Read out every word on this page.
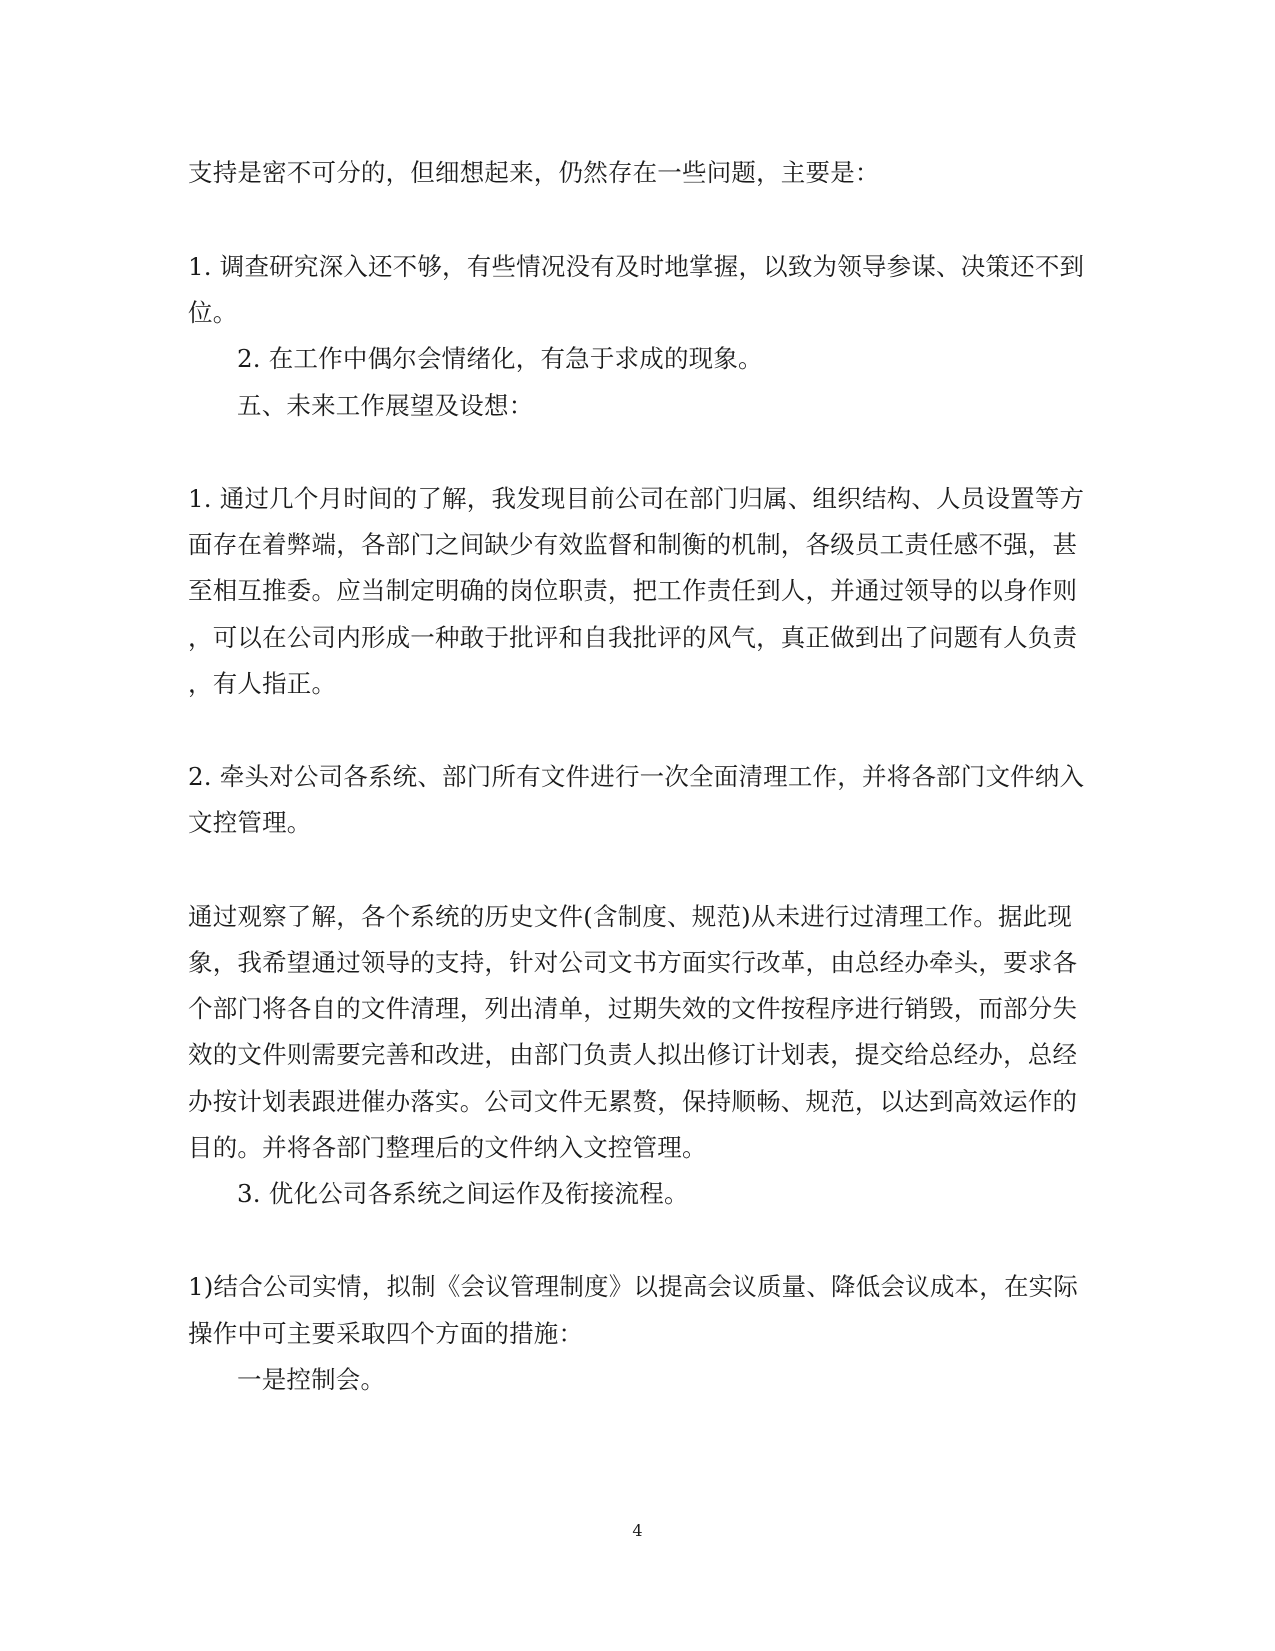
支持是密不可分的，但细想起来，仍然存在一些问题，主要是：
1. 调查研究深入还不够，有些情况没有及时地掌握，以致为领导参谋、决策还不到
位。
2. 在工作中偶尔会情绪化，有急于求成的现象。
五、未来工作展望及设想：
1. 通过几个月时间的了解，我发现目前公司在部门归属、组织结构、人员设置等方
面存在着弊端，各部门之间缺少有效监督和制衡的机制，各级员工责任感不强，甚
至相互推委。应当制定明确的岗位职责，把工作责任到人，并通过领导的以身作则
，可以在公司内形成一种敢于批评和自我批评的风气，真正做到出了问题有人负责
，有人指正。
2. 牵头对公司各系统、部门所有文件进行一次全面清理工作，并将各部门文件纳入
文控管理。
通过观察了解，各个系统的历史文件(含制度、规范)从未进行过清理工作。据此现
象，我希望通过领导的支持，针对公司文书方面实行改革，由总经办牵头，要求各
个部门将各自的文件清理，列出清单，过期失效的文件按程序进行销毁，而部分失
效的文件则需要完善和改进，由部门负责人拟出修订计划表，提交给总经办，总经
办按计划表跟进催办落实。公司文件无累赘，保持顺畅、规范，以达到高效运作的
目的。并将各部门整理后的文件纳入文控管理。
3. 优化公司各系统之间运作及衔接流程。
1)结合公司实情，拟制《会议管理制度》以提高会议质量、降低会议成本，在实际
操作中可主要采取四个方面的措施：
一是控制会。
4
